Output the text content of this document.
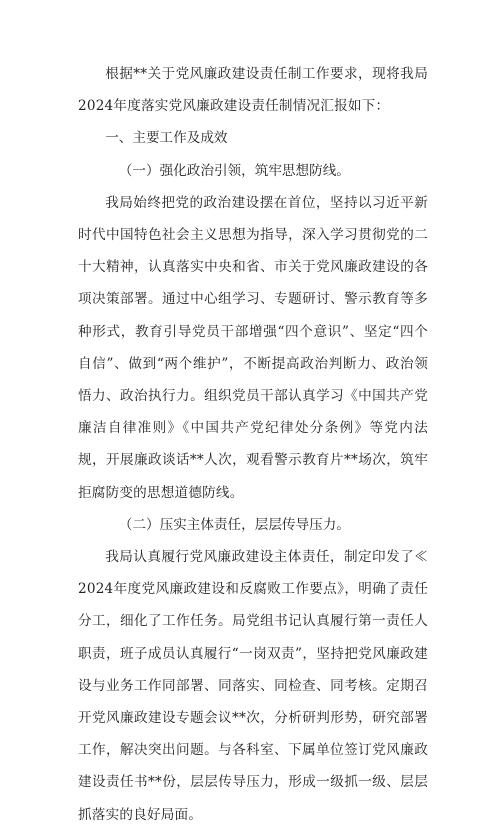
根据**关于党风廉政建设责任制工作要求，现将我局2024年度落实党风廉政建设责任制情况汇报如下：

一、主要工作及成效

（一）强化政治引领，筑牢思想防线。

我局始终把党的政治建设摆在首位，坚持以习近平新时代中国特色社会主义思想为指导，深入学习贯彻党的二十大精神，认真落实中央和省、市关于党风廉政建设的各项决策部署。通过中心组学习、专题研讨、警示教育等多种形式，教育引导党员干部增强“四个意识”、坚定“四个自信”、做到“两个维护”，不断提高政治判断力、政治领悟力、政治执行力。组织党员干部认真学习《中国共产党廉洁自律准则》《中国共产党纪律处分条例》等党内法规，开展廉政谈话**人次，观看警示教育片**场次，筑牢拒腐防变的思想道德防线。

（二）压实主体责任，层层传导压力。

我局认真履行党风廉政建设主体责任，制定印发了≪2024年度党风廉政建设和反腐败工作要点》，明确了责任分工，细化了工作任务。局党组书记认真履行第一责任人职责，班子成员认真履行“一岗双责”，坚持把党风廉政建设与业务工作同部署、同落实、同检查、同考核。定期召开党风廉政建设专题会议**次，分析研判形势，研究部署工作，解决突出问题。与各科室、下属单位签订党风廉政建设责任书**份，层层传导压力，形成一级抓一级、层层抓落实的良好局面。
